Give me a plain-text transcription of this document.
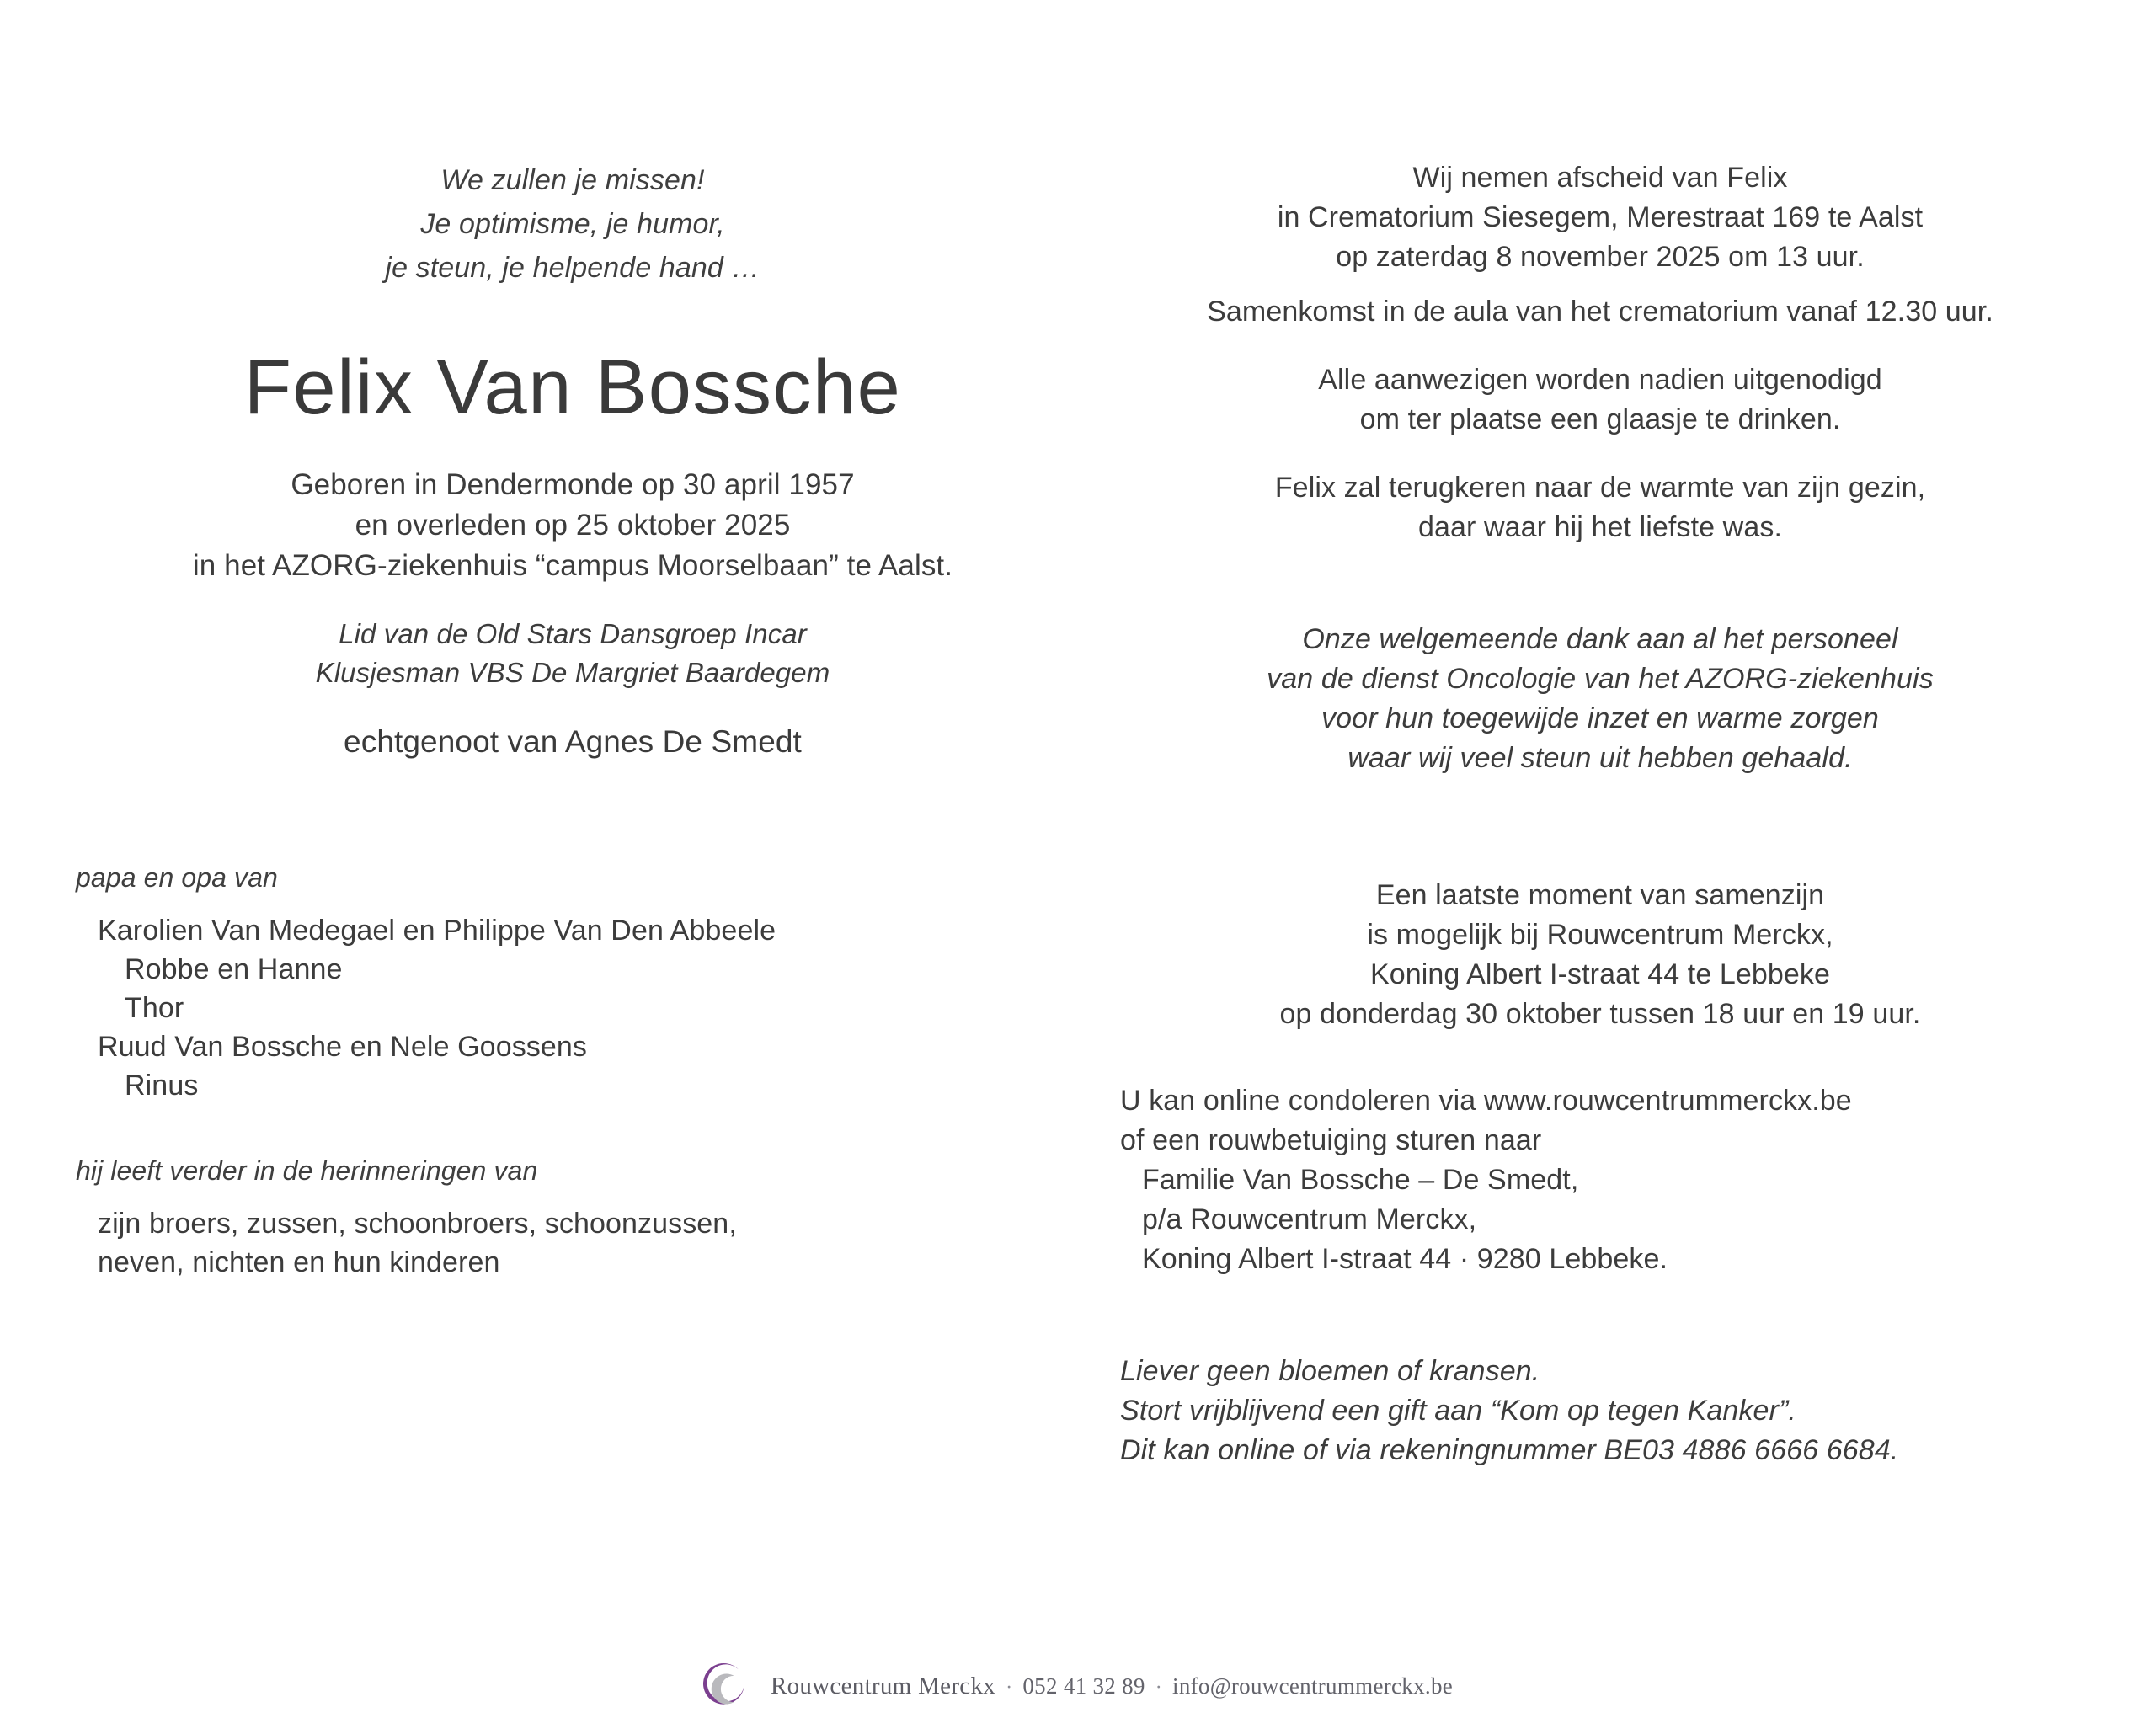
We zullen je missen!

Je optimisme, je humor,

je steun, je helpende hand …

Felix Van Bossche

Geboren in Dendermonde op 30 april 1957

en overleden op 25 oktober 2025

in het AZORG-ziekenhuis “campus Moorselbaan” te Aalst.

Lid van de Old Stars Dansgroep Incar

Klusjesman VBS De Margriet Baardegem

echtgenoot van Agnes De Smedt

papa en opa van

Karolien Van Medegael en Philippe Van Den Abbeele

Robbe en Hanne

Thor

Ruud Van Bossche en Nele Goossens

Rinus

hij leeft verder in de herinneringen van

zijn broers, zussen, schoonbroers, schoonzussen,

neven, nichten en hun kinderen

Wij nemen afscheid van Felix

in Crematorium Siesegem, Merestraat 169 te Aalst

op zaterdag 8 november 2025 om 13 uur.

Samenkomst in de aula van het crematorium vanaf 12.30 uur.

Alle aanwezigen worden nadien uitgenodigd

om ter plaatse een glaasje te drinken.

Felix zal terugkeren naar de warmte van zijn gezin,

daar waar hij het liefste was.

Onze welgemeende dank aan al het personeel

van de dienst Oncologie van het AZORG-ziekenhuis

voor hun toegewijde inzet en warme zorgen

waar wij veel steun uit hebben gehaald.

Een laatste moment van samenzijn

is mogelijk bij Rouwcentrum Merckx,

Koning Albert I-straat 44 te Lebbeke

op donderdag 30 oktober tussen 18 uur en 19 uur.

U kan online condoleren via www.rouwcentrummerckx.be

of een rouwbetuiging sturen naar

Familie Van Bossche – De Smedt,

p/a Rouwcentrum Merckx,

Koning Albert I-straat 44 · 9280 Lebbeke.

Liever geen bloemen of kransen.

Stort vrijblijvend een gift aan “Kom op tegen Kanker”.

Dit kan online of via rekeningnummer BE03 4886 6666 6684.

Rouwcentrum Merckx · 052 41 32 89 · info@rouwcentrummerckx.be
